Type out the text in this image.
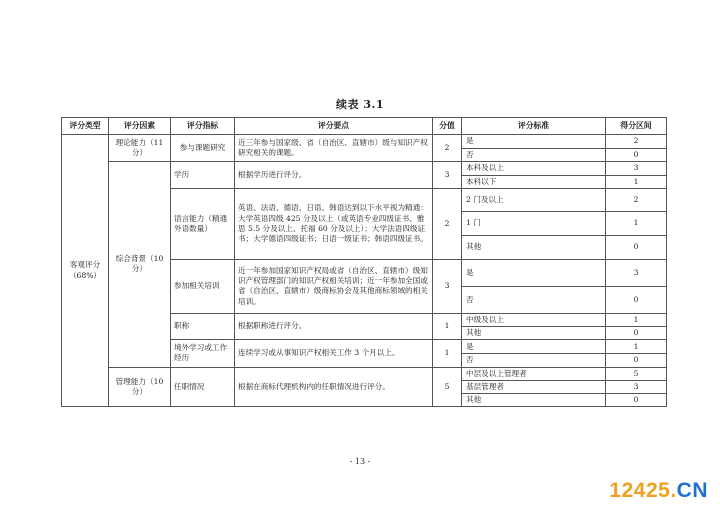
续表 3.1
评分类型	评分因素	评分指标	评分要点	分值	评分标准	得分区间
客观评分（68%）	理论能力（11 分）	参与课题研究	近三年参与国家级、省（自治区、直辖市）级与知识产权研究相关的课题。	2	是	2
					否	0
	综合背景（10 分）	学历	根据学历进行评分。	3	本科及以上	3
					本科以下	1
		语言能力（精通外语数量）	英语、法语、德语、日语、韩语达到以下水平视为精通：大学英语四级 425 分及以上（或英语专业四级证书、雅思 5.5 分及以上、托福 60 分及以上）；大学法语四级证书；大学德语四级证书；日语一级证书；韩语四级证书。	2	2 门及以上	2
					1 门	1
					其他	0
		参加相关培训	近一年参加国家知识产权局或省（自治区、直辖市）级知识产权管理部门的知识产权相关培训；近一年参加全国或省（自治区、直辖市）级商标协会及其他商标领域的相关培训。	3	是	3
					否	0
		职称	根据职称进行评分。	1	中级及以上	1
					其他	0
		境外学习或工作经历	连续学习或从事知识产权相关工作 3 个月以上。	1	是	1
					否	0
	管理能力（10 分）	任职情况	根据在商标代理机构内的任职情况进行评分。	5	中层及以上管理者	5
					基层管理者	3
					其他	0
- 13 -
12425.CN
